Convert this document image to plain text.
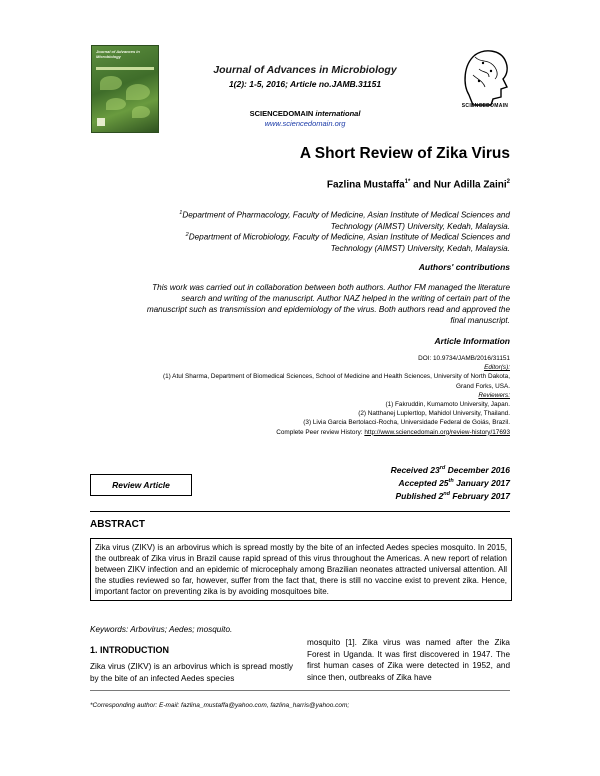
Journal of Advances in Microbiology
Journal of Advances in Microbiology
1(2): 1-5, 2016; Article no.JAMB.31151
SCIENCEDOMAIN international
www.sciencedomain.org
SCIENCEDOMAIN
A Short Review of Zika Virus
Fazlina Mustaffa$^{1*}$ and Nur Adilla Zaini$^2$
$^1$Department of Pharmacology, Faculty of Medicine, Asian Institute of Medical Sciences and
Technology (AIMST) University, Kedah, Malaysia.
$^2$Department of Microbiology, Faculty of Medicine, Asian Institute of Medical Sciences and
Technology (AIMST) University, Kedah, Malaysia.
Authors' contributions
This work was carried out in collaboration between both authors. Author FM managed the literature
search and writing of the manuscript. Author NAZ helped in the writing of certain part of the
manuscript such as transmission and epidemiology of the virus. Both authors read and approved the
final manuscript.
Article Information
DOI: 10.9734/JAMB/2016/31151
Editor(s):
(1) Atul Sharma, Department of Biomedical Sciences, School of Medicine and Health Sciences, University of North Dakota,
Grand Forks, USA.
Reviewers:
(1) Fakruddin, Kumamoto University, Japan.
(2) Natthanej Luplertlop, Mahidol University, Thailand.
(3) Livia Garcia Bertolacci-Rocha, Universidade Federal de Goiás, Brazil.
Complete Peer review History: http://www.sciencedomain.org/review-history/17693
Review Article
Received 23rd December 2016
Accepted 25th January 2017
Published 2nd February 2017
ABSTRACT
Zika virus (ZIKV) is an arbovirus which is spread mostly by the bite of an infected Aedes species mosquito. In 2015, the outbreak of Zika virus in Brazil cause rapid spread of this virus throughout the Americas. A new report of relation between ZIKV infection and an epidemic of microcephaly among Brazilian neonates attracted universal attention. All the studies reviewed so far, however, suffer from the fact that, there is still no vaccine exist to prevent zika. Hence, important factor on preventing zika is by avoiding mosquitoes bite.
Keywords: Arbovirus; Aedes; mosquito.
1. INTRODUCTION
Zika virus (ZIKV) is an arbovirus which is spread mostly by the bite of an infected Aedes species
mosquito [1]. Zika virus was named after the Zika Forest in Uganda. It was first discovered in 1947. The first human cases of Zika were detected in 1952, and since then, outbreaks of Zika have
*Corresponding author: E-mail: fazlina_mustaffa@yahoo.com, fazlina_harris@yahoo.com;
